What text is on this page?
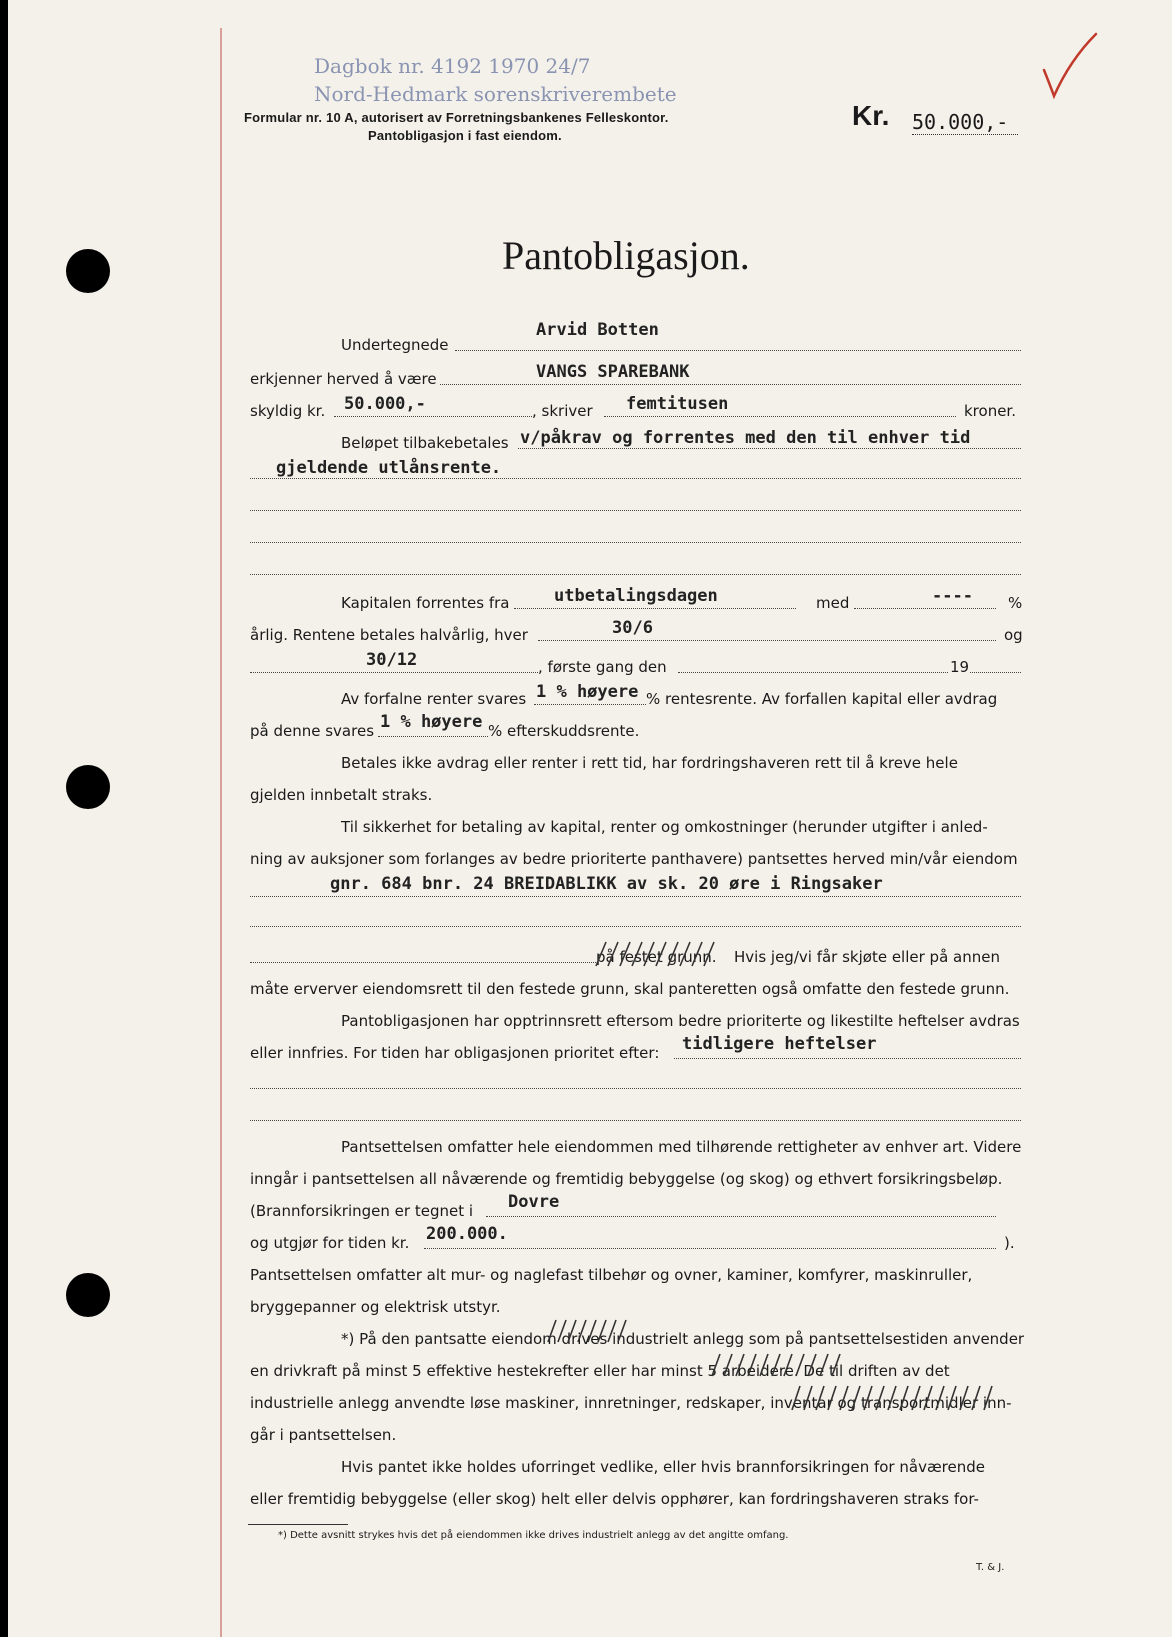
Dagbok nr. 4192 1970 24/7
Nord-Hedmark sorenskriverembete
Formular nr. 10 A, autorisert av Forretningsbankenes Felleskontor.
Pantobligasjon i fast eiendom.
Kr. 50.000,-
Pantobligasjon.
Undertegnede
Arvid Botten
erkjenner herved å være	VANGS SPAREBANK
skyldig kr. 50.000,-	, skriver femtitusen	kroner.
Beløpet tilbakebetales v/påkrav og forrentes med den til enhver tid
gjeldende utlånsrente.
Kapitalen forrentes fra	utbetalingsdagen	med	---- %
årlig. Rentene betales halvårlig, hver	30/6	og
30/12	, første gang den	19
Av forfalne renter svares 1 % høyere % rentesrente. Av forfallen kapital eller avdrag
på denne svares 1 % høyere % efterskuddsrente.
Betales ikke avdrag eller renter i rett tid, har fordringshaveren rett til å kreve hele
gjelden innbetalt straks.
Til sikkerhet for betaling av kapital, renter og omkostninger (herunder utgifter i anled-
ning av auksjoner som forlanges av bedre prioriterte panthavere) pantsettes herved min/vår eiendom
gnr. 684 bnr. 24 BREIDABLIKK av sk. 20 øre i Ringsaker
på festet grunn. Hvis jeg/vi får skjøte eller på annen
måte erverver eiendomsrett til den festede grunn, skal panteretten også omfatte den festede grunn.
Pantobligasjonen har opptrinnsrett eftersom bedre prioriterte og likestilte heftelser avdras
eller innfries. For tiden har obligasjonen prioritet efter: tidligere heftelser
Pantsettelsen omfatter hele eiendommen med tilhørende rettigheter av enhver art. Videre
inngår i pantsettelsen all nåværende og fremtidig bebyggelse (og skog) og ethvert forsikringsbeløp.
(Brannforsikringen er tegnet i Dovre
og utgjør for tiden kr. 200.000.	).
Pantsettelsen omfatter alt mur- og naglefast tilbehør og ovner, kaminer, komfyrer, maskinruller,
bryggepanner og elektrisk utstyr.
*) På den pantsatte eiendom drives industrielt anlegg som på pantsettelsestiden anvender
en drivkraft på minst 5 effektive hestekrefter eller har minst 5 arbeidere. De til driften av det
industrielle anlegg anvendte løse maskiner, innretninger, redskaper, inventar og transportmidler inn-
går i pantsettelsen.
Hvis pantet ikke holdes uforringet vedlike, eller hvis brannforsikringen for nåværende
eller fremtidig bebyggelse (eller skog) helt eller delvis opphører, kan fordringshaveren straks for-
*) Dette avsnitt strykes hvis det på eiendommen ikke drives industrielt anlegg av det angitte omfang.
T. & J.
